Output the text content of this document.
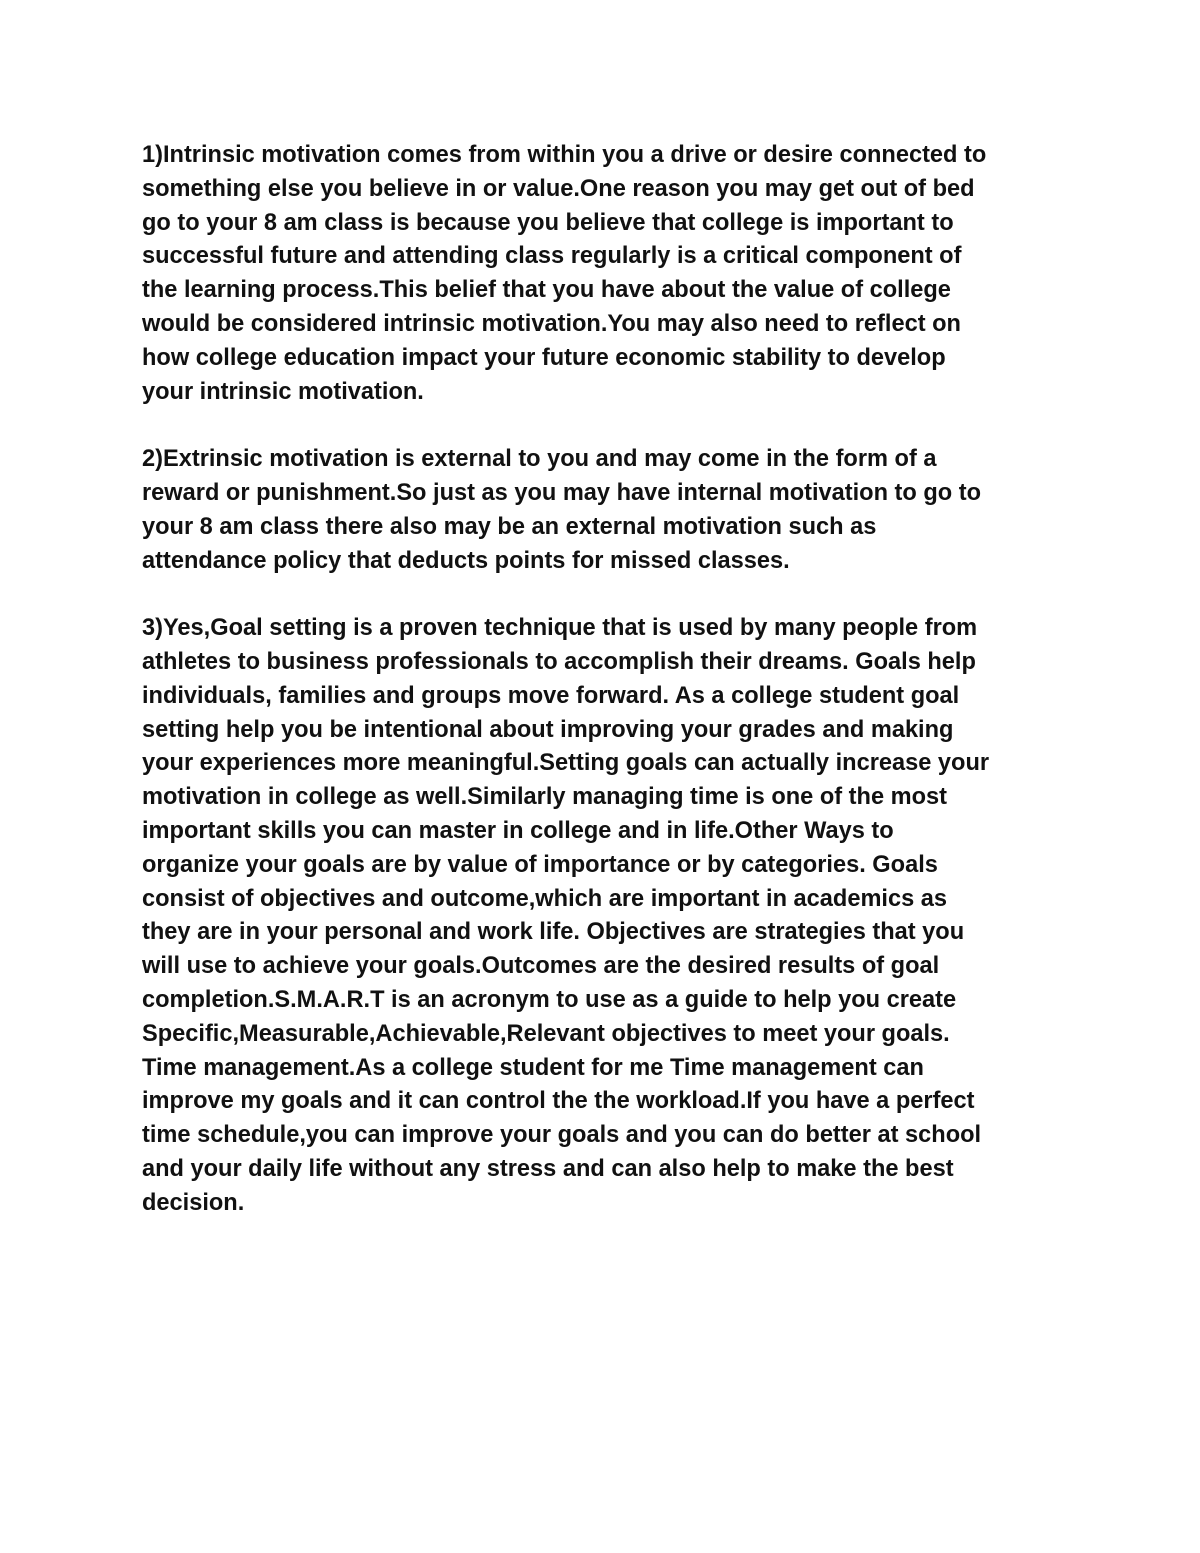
1)Intrinsic motivation comes from within you a drive or desire connected to
something else you believe in or value.One reason you may get out of bed
go to your 8 am class is because you believe that college is important to
successful future and attending class regularly is a critical component of
the learning process.This belief that you have about the value of college
would be considered intrinsic motivation.You may also need to reflect on
how college education impact your future economic stability to develop
your intrinsic motivation.
2)Extrinsic motivation is external to you and may come in the form of a
reward or punishment.So just as you may have internal motivation to go to
your 8 am class there also may be an external motivation such as
attendance policy that deducts points for missed classes.
3)Yes,Goal setting is a proven technique that is used by many people from
athletes to business professionals to accomplish their dreams. Goals help
individuals, families and groups move forward. As a college student goal
setting help you be intentional about improving your grades and making
your experiences more meaningful.Setting goals can actually increase your
motivation in college as well.Similarly managing time is one of the most
important skills you can master in college and in life.Other Ways to
organize your goals are by value of importance or by categories. Goals
consist of objectives and outcome,which are important in academics as
they are in your personal and work life. Objectives are strategies that you
will use to achieve your goals.Outcomes are the desired results of goal
completion.S.M.A.R.T is an acronym to use as a guide to help you create
Specific,Measurable,Achievable,Relevant objectives to meet your goals.
Time management.As a college student for me Time management can
improve my goals and it can control the the workload.If you have a perfect
time schedule,you can improve your goals and you can do better at school
and your daily life without any stress and can also help to make the best
decision.
